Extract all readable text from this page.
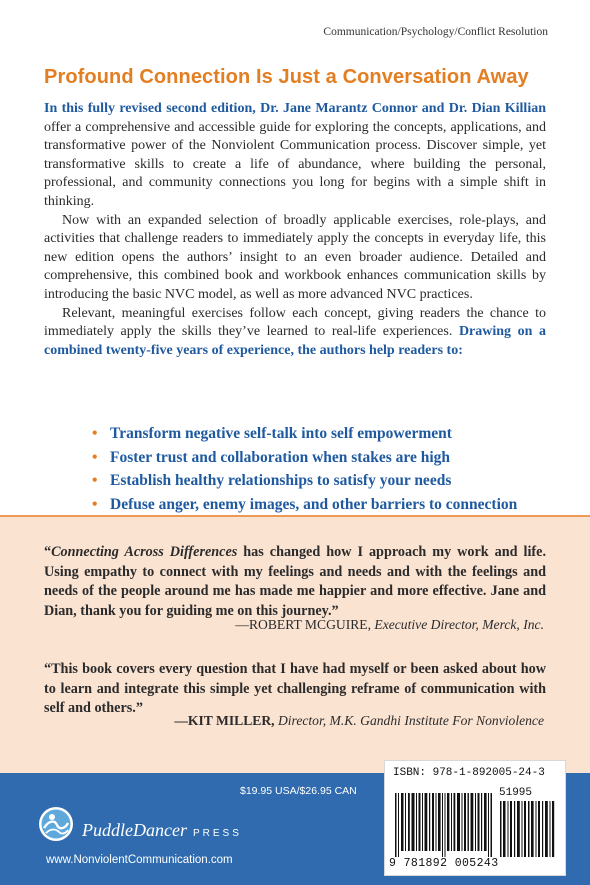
Communication/Psychology/Conflict Resolution
Profound Connection Is Just a Conversation Away

In this fully revised second edition, Dr. Jane Marantz Connor and Dr. Dian Killian offer a comprehensive and accessible guide for exploring the concepts, applications, and transformative power of the Nonviolent Communication process. Discover simple, yet transformative skills to create a life of abundance, where building the personal, professional, and community connections you long for begins with a simple shift in thinking.

Now with an expanded selection of broadly applicable exercises, role-plays, and activities that challenge readers to immediately apply the concepts in everyday life, this new edition opens the authors’ insight to an even broader audience. Detailed and comprehensive, this combined book and workbook enhances communication skills by introducing the basic NVC model, as well as more advanced NVC practices.

Relevant, meaningful exercises follow each concept, giving readers the chance to immediately apply the skills they’ve learned to real-life experiences. Drawing on a combined twenty-five years of experience, the authors help readers to:

• Transform negative self-talk into self empowerment
• Foster trust and collaboration when stakes are high
• Establish healthy relationships to satisfy your needs
• Defuse anger, enemy images, and other barriers to connection
“Connecting Across Differences has changed how I approach my work and life. Using empathy to connect with my feelings and needs and with the feelings and needs of the people around me has made me happier and more effective. Jane and Dian, thank you for guiding me on this journey.”
—ROBERT MCGUIRE, Executive Director, Merck, Inc.
“This book covers every question that I have had myself or been asked about how to learn and integrate this simple yet challenging reframe of communication with self and others.”
—KIT MILLER, Director, M.K. Gandhi Institute For Nonviolence
$19.95 USA/$26.95 CAN
PuddleDancer PRESS
www.NonviolentCommunication.com
ISBN: 978-1-892005-24-3
51995
9 781892 005243
